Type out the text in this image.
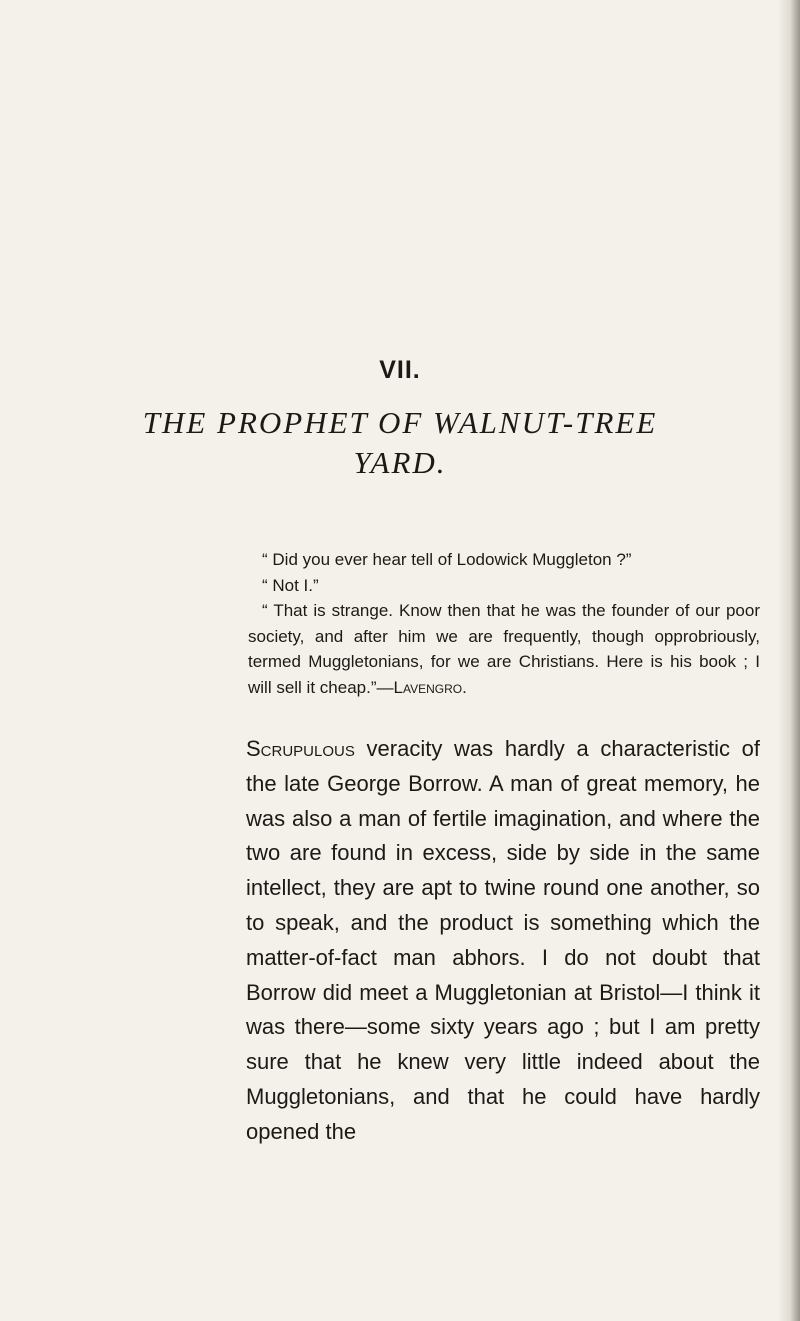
VII.
THE PROPHET OF WALNUT-TREE
YARD.

“ Did you ever hear tell of Lodowick Muggleton ?”

“ Not I.”

“ That is strange. Know then that he was the founder of our poor society, and after him we are frequently, though opprobriously, termed Muggletonians, for we are Christians. Here is his book ; I will sell it cheap.”—Lavengro.

Scrupulous veracity was hardly a characteristic of the late George Borrow. A man of great memory, he was also a man of fertile imagination, and where the two are found in excess, side by side in the same intellect, they are apt to twine round one another, so to speak, and the product is something which the matter-of-fact man abhors. I do not doubt that Borrow did meet a Muggletonian at Bristol—I think it was there—some sixty years ago ; but I am pretty sure that he knew very little indeed about the Muggletonians, and that he could have hardly opened the
